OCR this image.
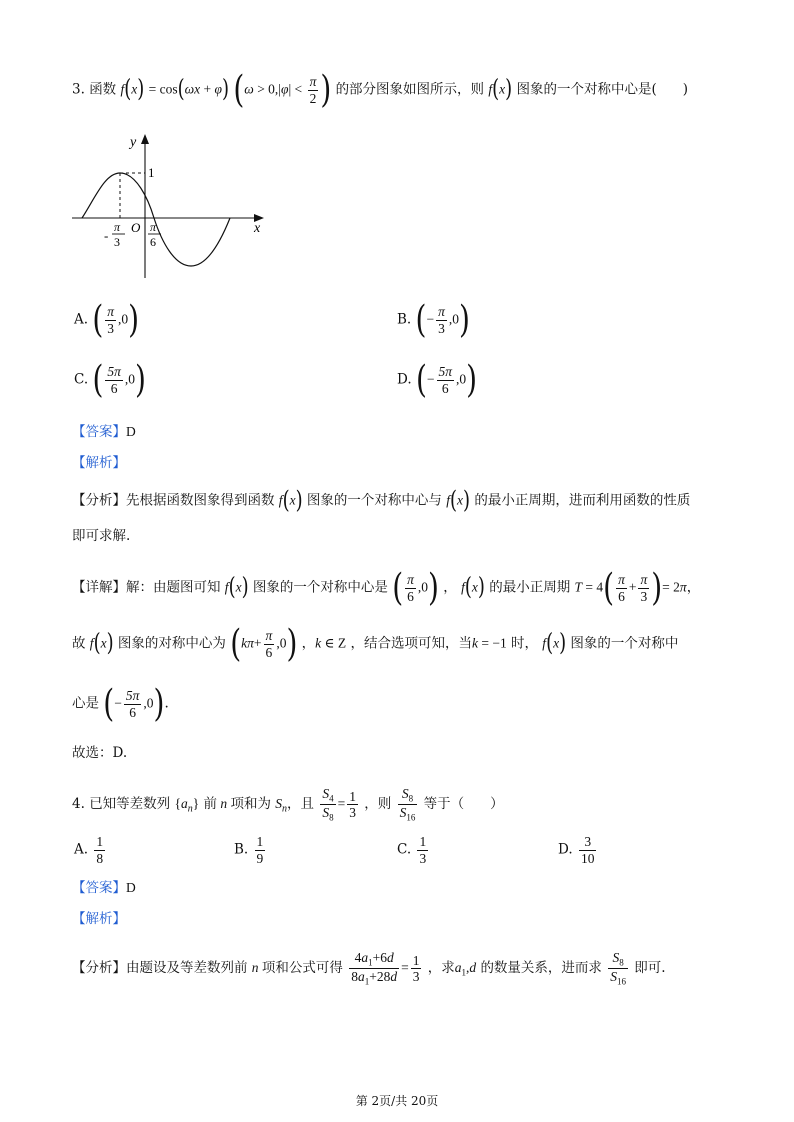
3. 函数 f(x) = cos(ωx + φ) ($\omega > 0,|\varphi| < \frac{\pi}{2}$ ) 的部分图象如图所示，则 f(x) 图象的一个对称中心是( )
y
x
1
O
-
π
3
π
6
A. ( $\frac{\pi}{3} ,0$)	B. (− $\frac{\pi}{3} ,0$)
C. ( $\frac{5\pi}{6} ,0$)	D. (− $\frac{5\pi}{6} ,0$)
【答案】D
【解析】
【分析】先根据函数图象得到函数 f(x) 图象的一个对称中心与 f(x) 的最小正周期，进而利用函数的性质
即可求解.
【详解】解：由题图可知 f(x) 图象的一个对称中心是 ( $\frac{\pi}{6} ,0$) ， f(x) 的最小正周期 $T = 4( \frac{\pi}{6} + \frac{\pi}{3}$ )= 2π，
故 f(x) 图象的对称中心为 $(k\pi+ \frac{\pi}{6} ,0)$ ，k ∈ Z ，结合选项可知，当k = −1 时， f(x) 图象的一个对称中
心是 (− $\frac{5\pi}{6} ,0$).
故选：D.
4. 已知等差数列 $\{a_n\}$ 前 n 项和为 $S_n$，且 $\frac{S_4}{S_8} = \frac{1}{3}$ ，则 $\frac{S_8}{S_{16}}$ 等于（ ）
A. $\frac{1}{8}$	B. $\frac{1}{9}$	C. $\frac{1}{3}$	D. $\frac{3}{10}$
【答案】D
【解析】
【分析】由题设及等差数列前 n 项和公式可得 $\frac{4a_1+6d}{8a_1+28d} = \frac{1}{3}$ ，求$a_1,d$ 的数量关系，进而求 $\frac{S_8}{S_{16}}$ 即可.
第 2页/共 20页
